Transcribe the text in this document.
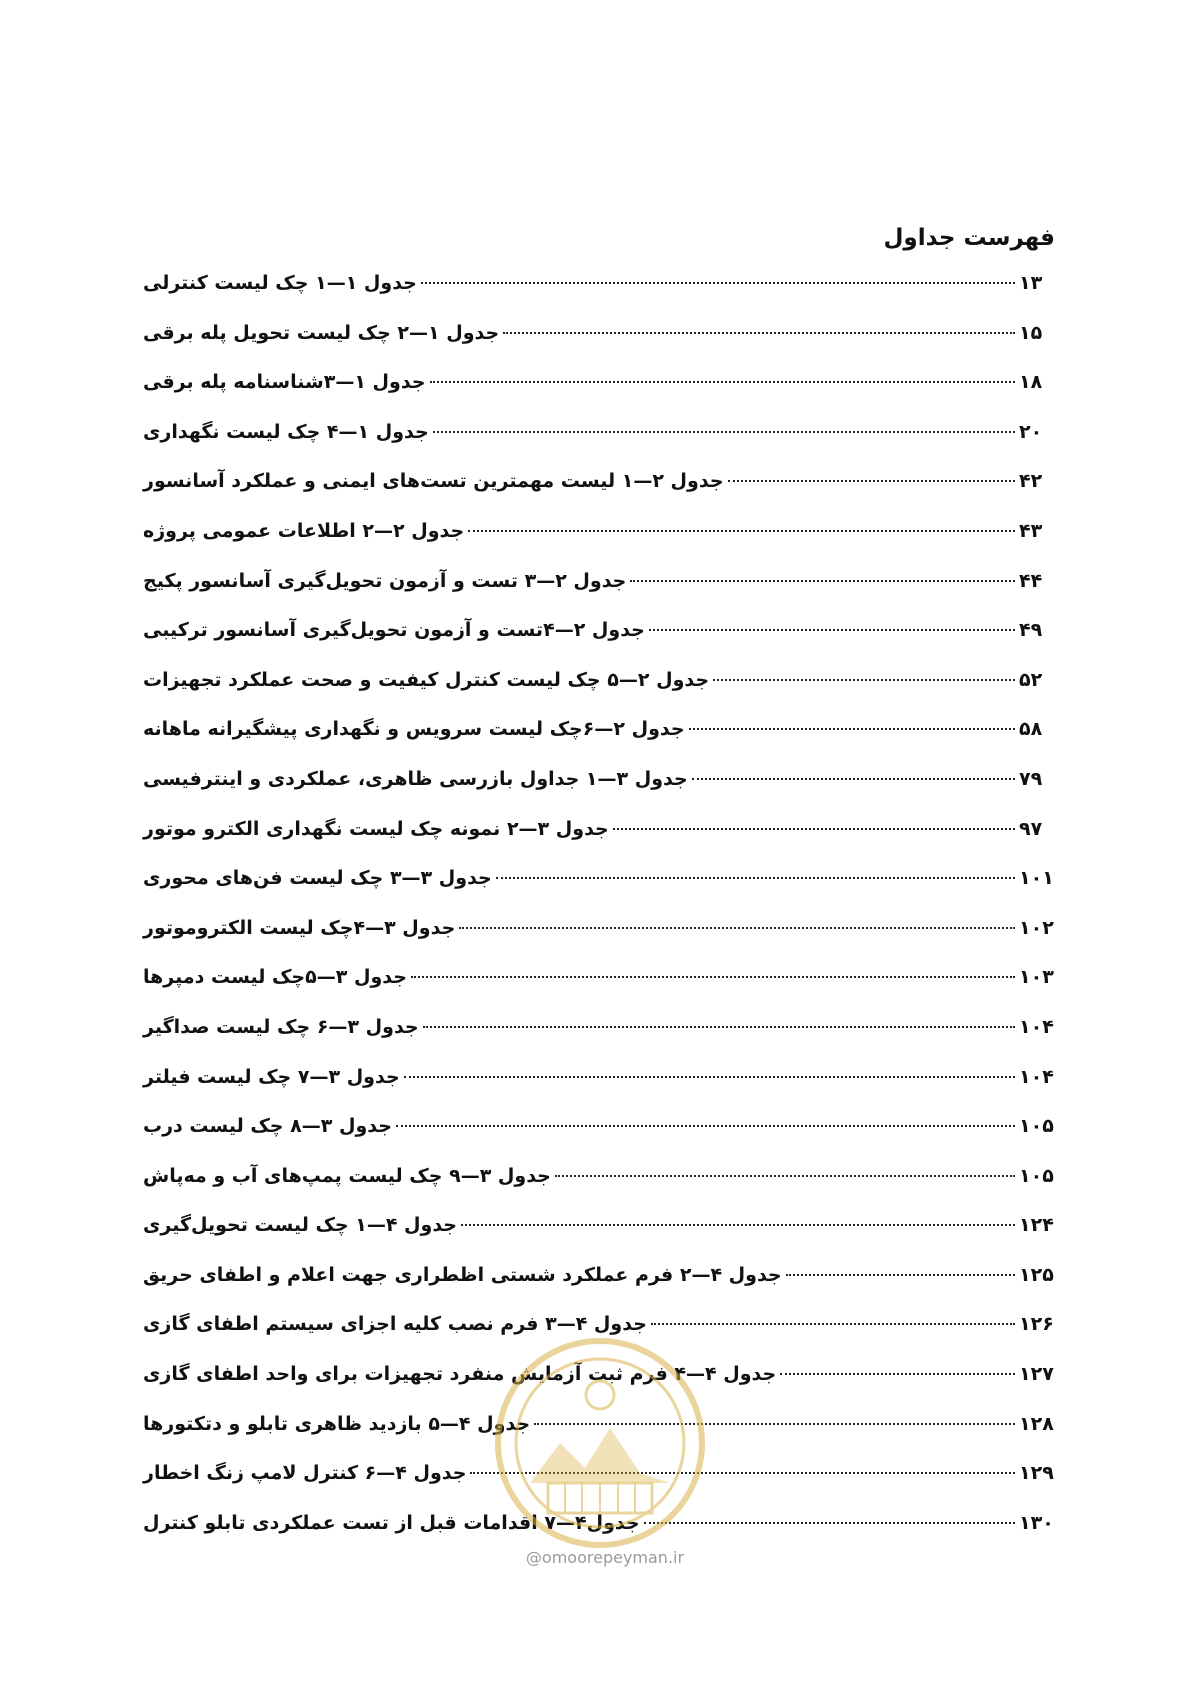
فهرست جداول
جدول ۱—۱ چک لیست کنترلی	۱۳
جدول ۱—۲ چک لیست تحویل پله برقی	۱۵
جدول ۱—۳شناسنامه پله برقی	۱۸
جدول ۱—۴ چک لیست نگهداری	۲۰
جدول ۲—۱ لیست مهمترین تست‌های ایمنی و عملکرد آسانسور	۴۲
جدول ۲—۲ اطلاعات عمومی پروژه	۴۳
جدول ۲—۳ تست و آزمون تحویل‌گیری آسانسور پکیج	۴۴
جدول ۲—۴تست و آزمون تحویل‌گیری آسانسور ترکیبی	۴۹
جدول ۲—۵ چک لیست کنترل کیفیت و صحت عملکرد تجهیزات	۵۲
جدول ۲—۶چک لیست سرویس و نگهداری پیشگیرانه ماهانه	۵۸
جدول ۳—۱ جداول بازرسی ظاهری، عملکردی و اینترفیسی	۷۹
جدول ۳—۲ نمونه چک لیست نگهداری الکترو موتور	۹۷
جدول ۳—۳ چک لیست فن‌های محوری	۱۰۱
جدول ۳—۴چک لیست الکتروموتور	۱۰۲
جدول ۳—۵چک لیست دمپرها	۱۰۳
جدول ۳—۶ چک لیست صداگیر	۱۰۴
جدول ۳—۷ چک لیست فیلتر	۱۰۴
جدول ۳—۸ چک لیست درب	۱۰۵
جدول ۳—۹ چک لیست پمپ‌های آب و مه‌پاش	۱۰۵
جدول ۴—۱ چک لیست تحویل‌گیری	۱۲۴
جدول ۴—۲ فرم عملکرد شستی اظطراری جهت اعلام و اطفای حریق	۱۲۵
جدول ۴—۳ فرم نصب کلیه اجزای سیستم اطفای گازی	۱۲۶
جدول ۴—۴ فرم ثبت آزمایش منفرد تجهیزات برای واحد اطفای گازی	۱۲۷
جدول ۴—۵ بازدید ظاهری تابلو و دتکتورها	۱۲۸
جدول ۴—۶ کنترل لامپ زنگ اخطار	۱۲۹
جدول۴—۷ اقدامات قبل از تست عملکردی تابلو کنترل	۱۳۰
@omoorepeyman.ir
